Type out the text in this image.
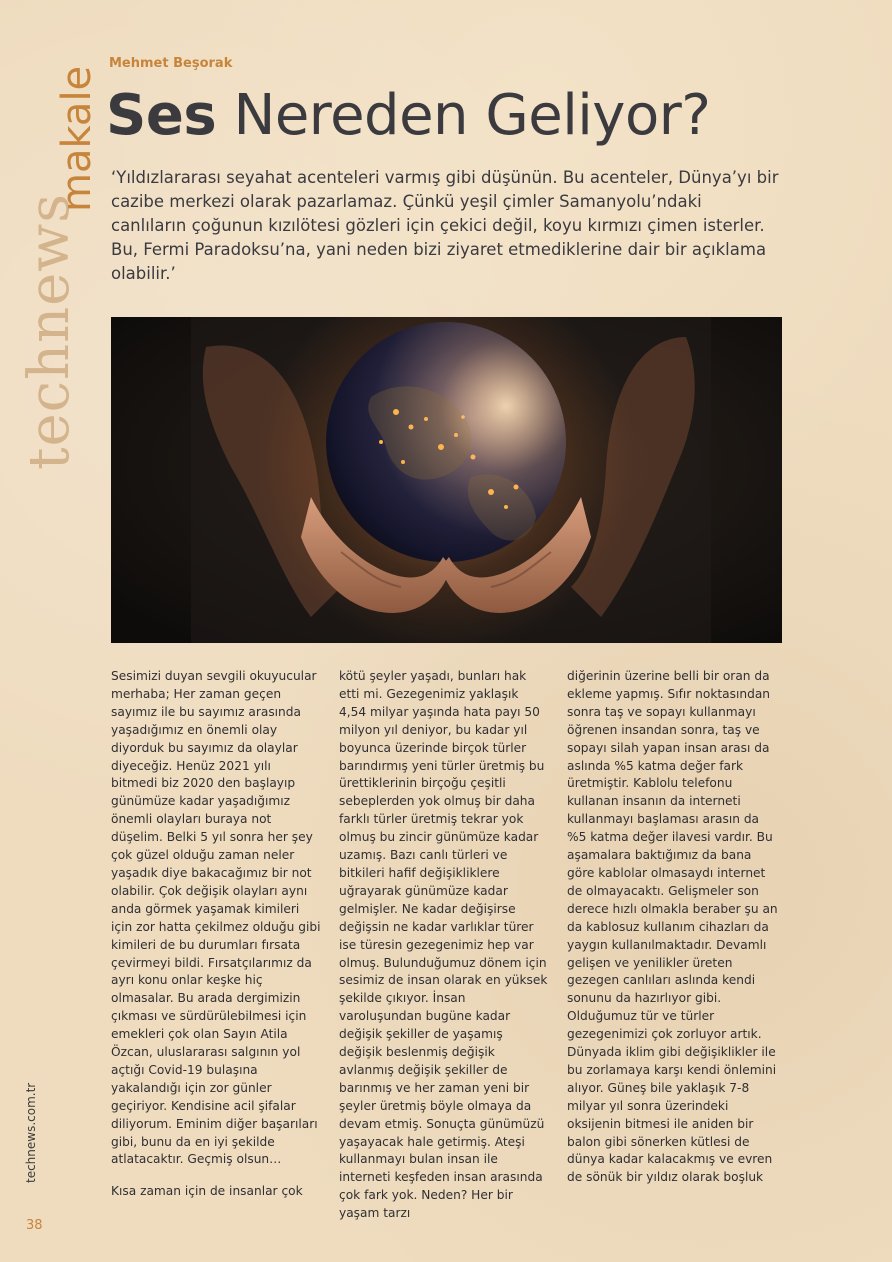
technews
makale
technews.com.tr
38
Mehmet Beşorak
Ses Nereden Geliyor?
‘Yıldızlararası seyahat acenteleri varmış gibi düşünün. Bu acenteler, Dünya’yı bir cazibe merkezi olarak pazarlamaz. Çünkü yeşil çimler Samanyolu’ndaki canlıların çoğunun kızılötesi gözleri için çekici değil, koyu kırmızı çimen isterler. Bu, Fermi Paradoksu’na, yani neden bizi ziyaret etmediklerine dair bir açıklama olabilir.’

Sesimizi duyan sevgili okuyucular merhaba; Her zaman geçen sayımız ile bu sayımız arasında yaşadığımız en önemli olay diyorduk bu sayımız da olaylar diyeceğiz. Henüz 2021 yılı bitmedi biz 2020 den başlayıp günümüze kadar yaşadığımız önemli olayları buraya not düşelim. Belki 5 yıl sonra her şey çok güzel olduğu zaman neler yaşadık diye bakacağımız bir not olabilir. Çok değişik olayları aynı anda görmek yaşamak kimileri için zor hatta çekilmez olduğu gibi kimileri de bu durumları fırsata çevirmeyi bildi. Fırsatçılarımız da ayrı konu onlar keşke hiç olmasalar. Bu arada dergimizin çıkması ve sürdürülebilmesi için emekleri çok olan Sayın Atila Özcan, uluslararası salgının yol açtığı Covid-19 bulaşına yakalandığı için zor günler geçiriyor. Kendisine acil şifalar diliyorum. Eminim diğer başarıları gibi, bunu da en iyi şekilde atlatacaktır. Geçmiş olsun…

Kısa zaman için de insanlar çok

kötü şeyler yaşadı, bunları hak etti mi. Gezegenimiz yaklaşık 4,54 milyar yaşında hata payı 50 milyon yıl deniyor, bu kadar yıl boyunca üzerinde birçok türler barındırmış yeni türler üretmiş bu ürettiklerinin birçoğu çeşitli sebeplerden yok olmuş bir daha farklı türler üretmiş tekrar yok olmuş bu zincir günümüze kadar uzamış. Bazı canlı türleri ve bitkileri hafif değişikliklere uğrayarak günümüze kadar gelmişler. Ne kadar değişirse değişsin ne kadar varlıklar türer ise türesin gezegenimiz hep var olmuş. Bulunduğumuz dönem için sesimiz de insan olarak en yüksek şekilde çıkıyor. İnsan varoluşundan bugüne kadar değişik şekiller de yaşamış değişik beslenmiş değişik avlanmış değişik şekiller de barınmış ve her zaman yeni bir şeyler üretmiş böyle olmaya da devam etmiş. Sonuçta günümüzü yaşayacak hale getirmiş. Ateşi kullanmayı bulan insan ile interneti keşfeden insan arasında çok fark yok. Neden? Her bir yaşam tarzı

diğerinin üzerine belli bir oran da ekleme yapmış. Sıfır noktasından sonra taş ve sopayı kullanmayı öğrenen insandan sonra, taş ve sopayı silah yapan insan arası da aslında %5 katma değer fark üretmiştir. Kablolu telefonu kullanan insanın da interneti kullanmayı başlaması arasın da %5 katma değer ilavesi vardır. Bu aşamalara baktığımız da bana göre kablolar olmasaydı internet de olmayacaktı. Gelişmeler son derece hızlı olmakla beraber şu an da kablosuz kullanım cihazları da yaygın kullanılmaktadır. Devamlı gelişen ve yenilikler üreten gezegen canlıları aslında kendi sonunu da hazırlıyor gibi. Olduğumuz tür ve türler gezegenimizi çok zorluyor artık. Dünyada iklim gibi değişiklikler ile bu zorlamaya karşı kendi önlemini alıyor. Güneş bile yaklaşık 7-8 milyar yıl sonra üzerindeki oksijenin bitmesi ile aniden bir balon gibi sönerken kütlesi de dünya kadar kalacakmış ve evren de sönük bir yıldız olarak boşluk
